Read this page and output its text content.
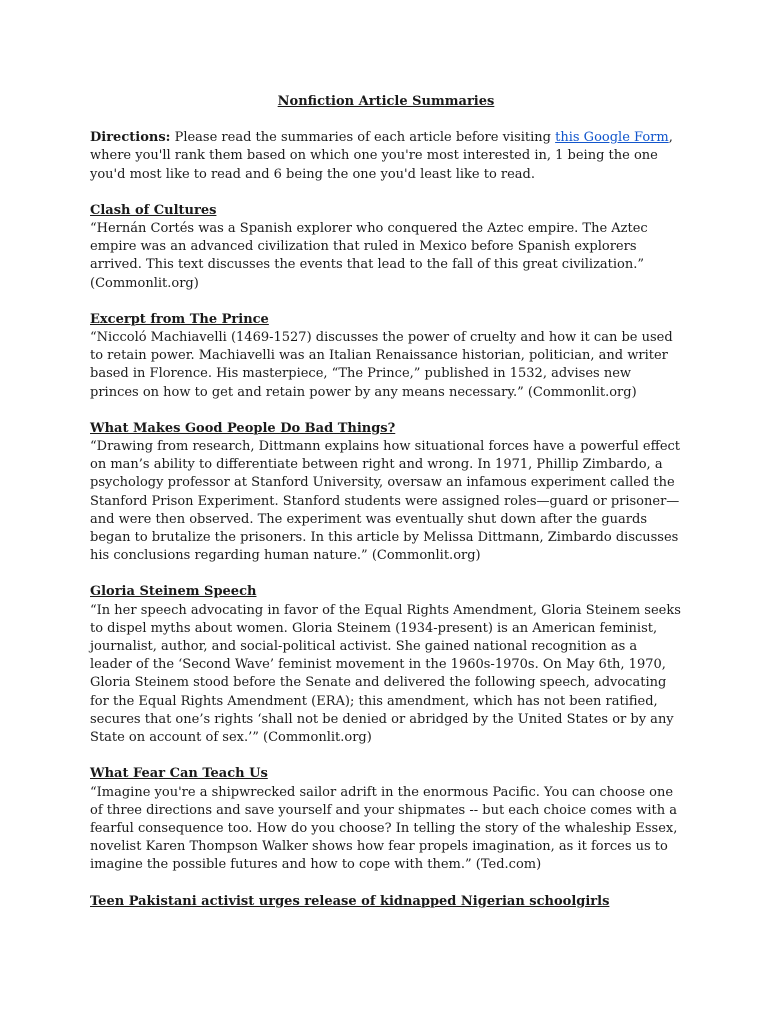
Nonfiction Article Summaries
Directions: Please read the summaries of each article before visiting this Google Form, where you'll rank them based on which one you're most interested in, 1 being the one you'd most like to read and 6 being the one you'd least like to read.
Clash of Cultures
“Hernán Cortés was a Spanish explorer who conquered the Aztec empire. The Aztec empire was an advanced civilization that ruled in Mexico before Spanish explorers arrived. This text discusses the events that lead to the fall of this great civilization.” (Commonlit.org)
Excerpt from The Prince
“Niccoló Machiavelli (1469-1527) discusses the power of cruelty and how it can be used to retain power. Machiavelli was an Italian Renaissance historian, politician, and writer based in Florence. His masterpiece, “The Prince,” published in 1532, advises new princes on how to get and retain power by any means necessary.” (Commonlit.org)
What Makes Good People Do Bad Things?
“Drawing from research, Dittmann explains how situational forces have a powerful effect on man’s ability to differentiate between right and wrong. In 1971, Phillip Zimbardo, a psychology professor at Stanford University, oversaw an infamous experiment called the Stanford Prison Experiment. Stanford students were assigned roles—guard or prisoner—and were then observed. The experiment was eventually shut down after the guards began to brutalize the prisoners. In this article by Melissa Dittmann, Zimbardo discusses his conclusions regarding human nature.” (Commonlit.org)
Gloria Steinem Speech
“In her speech advocating in favor of the Equal Rights Amendment, Gloria Steinem seeks to dispel myths about women. Gloria Steinem (1934-present) is an American feminist, journalist, author, and social-political activist. She gained national recognition as a leader of the ‘Second Wave’ feminist movement in the 1960s-1970s. On May 6th, 1970, Gloria Steinem stood before the Senate and delivered the following speech, advocating for the Equal Rights Amendment (ERA); this amendment, which has not been ratified, secures that one’s rights ‘shall not be denied or abridged by the United States or by any State on account of sex.’” (Commonlit.org)
What Fear Can Teach Us
“Imagine you're a shipwrecked sailor adrift in the enormous Pacific. You can choose one of three directions and save yourself and your shipmates -- but each choice comes with a fearful consequence too. How do you choose? In telling the story of the whaleship Essex, novelist Karen Thompson Walker shows how fear propels imagination, as it forces us to imagine the possible futures and how to cope with them.” (Ted.com)
Teen Pakistani activist urges release of kidnapped Nigerian schoolgirls
